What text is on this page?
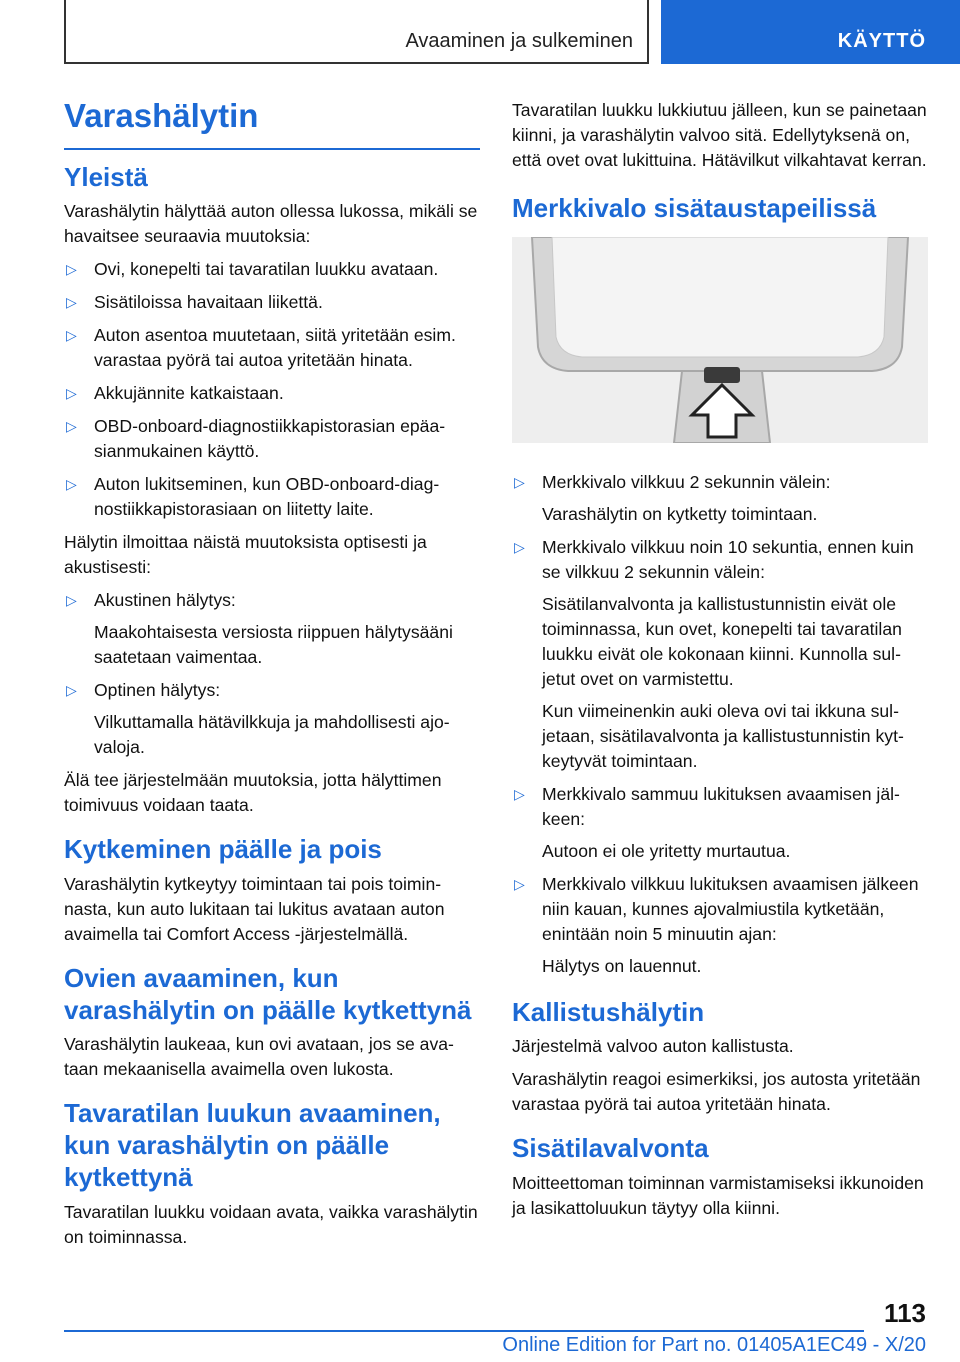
Avaaminen ja sulkeminen	KÄYTTÖ
Varashälytin
Yleistä

Varashälytin hälyttää auton ollessa lukossa, mikäli se havaitsee seuraavia muutoksia:

▷ Ovi, konepelti tai tavaratilan luukku avataan.
▷ Sisätiloissa havaitaan liikettä.
▷ Auton asentoa muutetaan, siitä yritetään esim. varastaa pyörä tai autoa yritetään hinata.
▷ Akkujännite katkaistaan.
▷ OBD-onboard-diagnostiikkapistorasian epäasianmukainen käyttö.
▷ Auton lukitseminen, kun OBD-onboard-diagnostiikkapistorasiaan on liitetty laite.

Hälytin ilmoittaa näistä muutoksista optisesti ja akustisesti:

▷ Akustinen hälytys:
Maakohtaisesta versiosta riippuen hälytysääni saatetaan vaimentaa.
▷ Optinen hälytys:
Vilkuttamalla hätävilkkuja ja mahdollisesti ajovaloja.

Älä tee järjestelmään muutoksia, jotta hälyttimen toimivuus voidaan taata.

Kytkeminen päälle ja pois

Varashälytin kytkeytyy toimintaan tai pois toiminnasta, kun auto lukitaan tai lukitus avataan auton avaimella tai Comfort Access -järjestelmällä.

Ovien avaaminen, kun varashälytin on päälle kytkettynä

Varashälytin laukeaa, kun ovi avataan, jos se avataan mekaanisella avaimella oven lukosta.

Tavaratilan luukun avaaminen, kun varashälytin on päälle kytkettynä

Tavaratilan luukku voidaan avata, vaikka varashälytin on toiminnassa.

Tavaratilan luukku lukkiutuu jälleen, kun se painetaan kiinni, ja varashälytin valvoo sitä. Edellytyksenä on, että ovet ovat lukittuina. Hätävilkut vilkahtavat kerran.

Merkkivalo sisätaustapeilissä
▷ Merkkivalo vilkkuu 2 sekunnin välein:
Varashälytin on kytketty toimintaan.
▷ Merkkivalo vilkkuu noin 10 sekuntia, ennen kuin se vilkkuu 2 sekunnin välein:
Sisätilanvalvonta ja kallistustunnistin eivät ole toiminnassa, kun ovet, konepelti tai tavaratilan luukku eivät ole kokonaan kiinni. Kunnolla suljetut ovet on varmistettu.
Kun viimeinenkin auki oleva ovi tai ikkuna suljetaan, sisätilavalvonta ja kallistustunnistin kytkeytyvät toimintaan.
▷ Merkkivalo sammuu lukituksen avaamisen jälkeen:
Autoon ei ole yritetty murtautua.
▷ Merkkivalo vilkkuu lukituksen avaamisen jälkeen niin kauan, kunnes ajovalmiustila kytketään, enintään noin 5 minuutin ajan:
Hälytys on lauennut.
Kallistushälytin

Järjestelmä valvoo auton kallistusta.

Varashälytin reagoi esimerkiksi, jos autosta yritetään varastaa pyörä tai autoa yritetään hinata.

Sisätilavalvonta

Moitteettoman toiminnan varmistamiseksi ikkunoiden ja lasikattoluukun täytyy olla kiinni.

113
Online Edition for Part no. 01405A1EC49 - X/20
